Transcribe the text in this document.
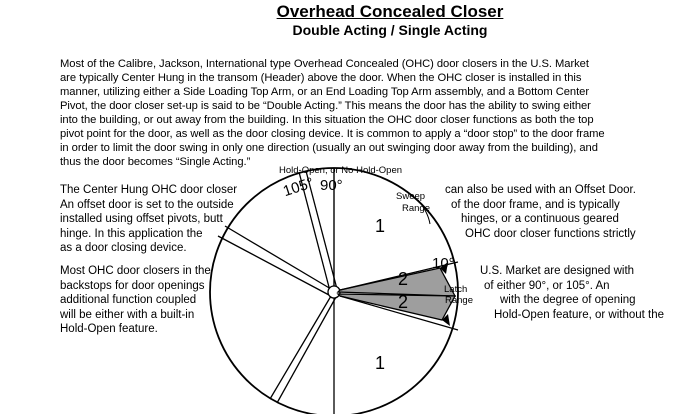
Overhead Concealed Closer
Double Acting / Single Acting
Most of the Calibre, Jackson, International type Overhead Concealed (OHC) door closers in the U.S. Market
are typically Center Hung in the transom (Header) above the door. When the OHC closer is installed in this
manner, utilizing either a Side Loading Top Arm, or an End Loading Top Arm assembly, and a Bottom Center
Pivot, the door closer set-up is said to be “Double Acting.” This means the door has the ability to swing either
into the building, or out away from the building. In this situation the OHC door closer functions as both the top
pivot point for the door, as well as the door closing device. It is common to apply a “door stop” to the door frame
in order to limit the door swing in only one direction (usually an out swinging door away from the building), and
thus the door becomes “Single Acting.”
The Center Hung OHC door closer
An offset door is set to the outside
installed using offset pivots, butt
hinge. In this application the
as a door closing device.
Most OHC door closers in the
backstops for door openings
additional function coupled
will be either with a built-in
Hold-Open feature.
can also be used with an Offset Door.
of the door frame, and is typically
hinges, or a continuous geared
OHC door closer functions strictly
U.S. Market are designed with
of either 90°, or 105°. An
with the degree of opening
Hold-Open feature, or without the
Hold-Open, or No Hold-Open
90°
105°
10°
Sweep
Range
Latch
Range
1
1
2
2
